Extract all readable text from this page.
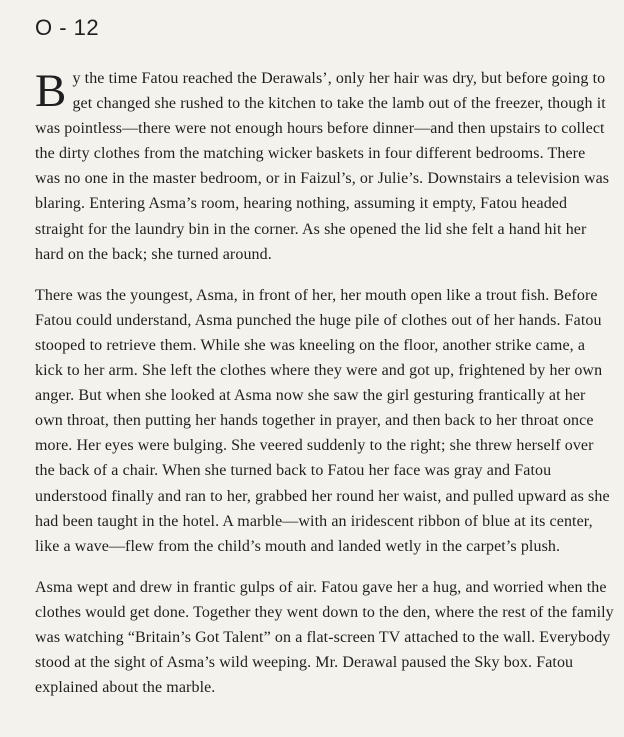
O - 12

By the time Fatou reached the Derawals’, only her hair was dry, but before going to get changed she rushed to the kitchen to take the lamb out of the freezer, though it was pointless—there were not enough hours before dinner—and then upstairs to collect the dirty clothes from the matching wicker baskets in four different bedrooms. There was no one in the master bedroom, or in Faizul’s, or Julie’s. Downstairs a television was blaring. Entering Asma’s room, hearing nothing, assuming it empty, Fatou headed straight for the laundry bin in the corner. As she opened the lid she felt a hand hit her hard on the back; she turned around.

There was the youngest, Asma, in front of her, her mouth open like a trout fish. Before Fatou could understand, Asma punched the huge pile of clothes out of her hands. Fatou stooped to retrieve them. While she was kneeling on the floor, another strike came, a kick to her arm. She left the clothes where they were and got up, frightened by her own anger. But when she looked at Asma now she saw the girl gesturing frantically at her own throat, then putting her hands together in prayer, and then back to her throat once more. Her eyes were bulging. She veered suddenly to the right; she threw herself over the back of a chair. When she turned back to Fatou her face was gray and Fatou understood finally and ran to her, grabbed her round her waist, and pulled upward as she had been taught in the hotel. A marble—with an iridescent ribbon of blue at its center, like a wave—flew from the child’s mouth and landed wetly in the carpet’s plush.

Asma wept and drew in frantic gulps of air. Fatou gave her a hug, and worried when the clothes would get done. Together they went down to the den, where the rest of the family was watching “Britain’s Got Talent” on a flat-screen TV attached to the wall. Everybody stood at the sight of Asma’s wild weeping. Mr. Derawal paused the Sky box. Fatou explained about the marble.
